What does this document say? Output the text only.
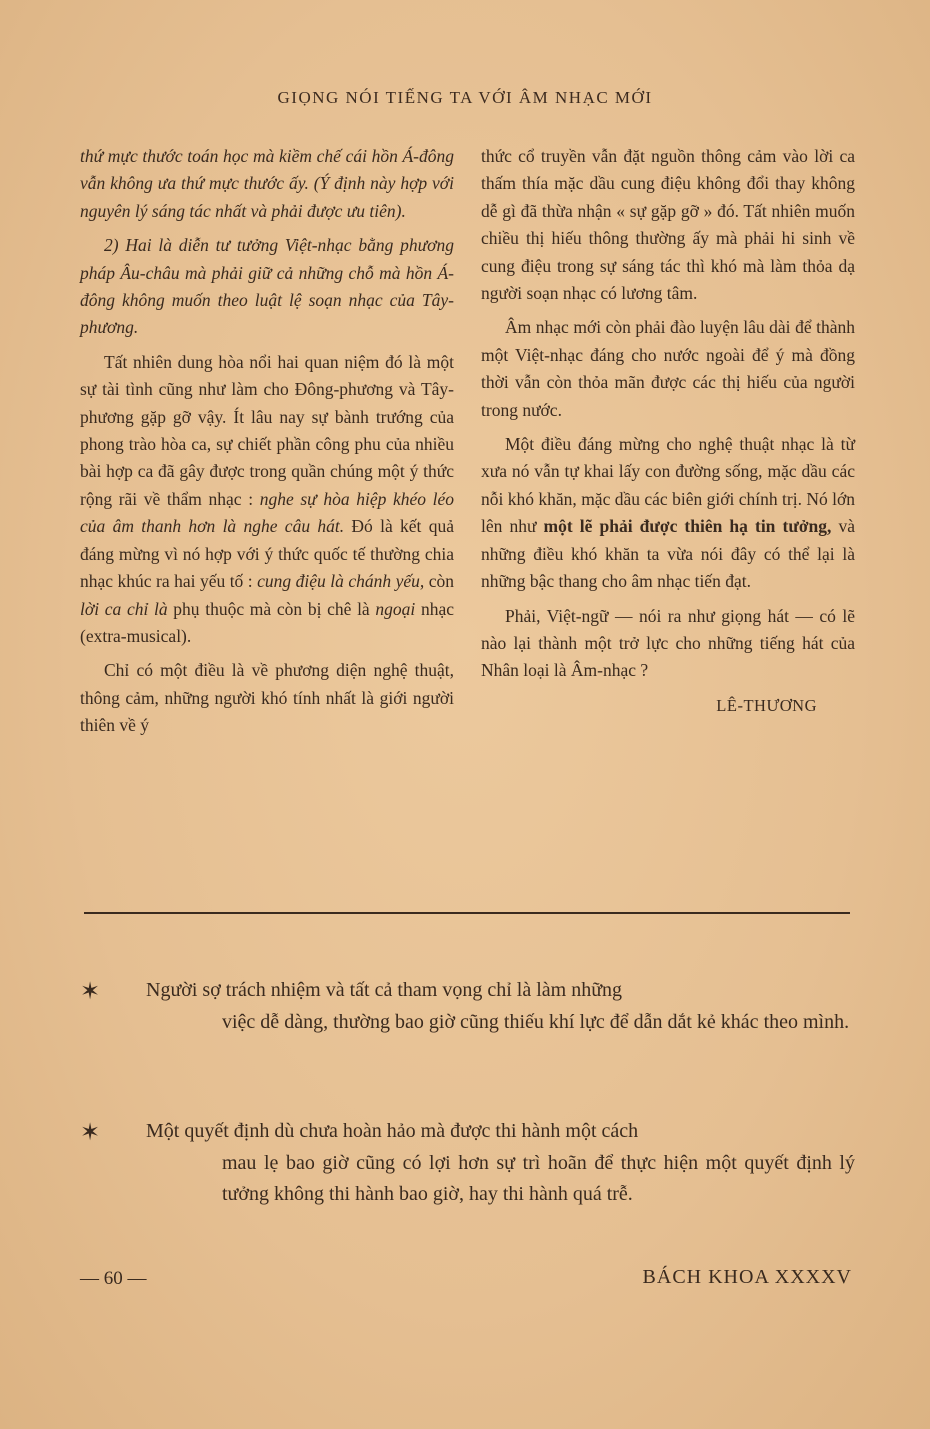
GIỌNG NÓI TIẾNG TA VỚI ÂM NHẠC MỚI

thứ mực thước toán học mà kiềm chế cái hồn Á-đông vẫn không ưa thứ mực thước ấy. (Ý định này hợp với nguyên lý sáng tác nhất và phải được ưu tiên).

2) Hai là diễn tư tưởng Việt-nhạc bằng phương pháp Âu-châu mà phải giữ cả những chỗ mà hồn Á-đông không muốn theo luật lệ soạn nhạc của Tây-phương.

Tất nhiên dung hòa nổi hai quan niệm đó là một sự tài tình cũng như làm cho Đông-phương và Tây-phương gặp gỡ vậy. Ít lâu nay sự bành trướng của phong trào hòa ca, sự chiết phần công phu của nhiều bài hợp ca đã gây được trong quần chúng một ý thức rộng rãi về thẩm nhạc : nghe sự hòa hiệp khéo léo của âm thanh hơn là nghe câu hát. Đó là kết quả đáng mừng vì nó hợp với ý thức quốc tế thường chia nhạc khúc ra hai yếu tố : cung điệu là chánh yếu, còn lời ca chỉ là phụ thuộc mà còn bị chê là ngoại nhạc (extra-musical).

Chỉ có một điều là về phương diện nghệ thuật, thông cảm, những người khó tính nhất là giới người thiên về ý

thức cổ truyền vẫn đặt nguồn thông cảm vào lời ca thấm thía mặc dầu cung điệu không đổi thay không dễ gì đã thừa nhận « sự gặp gỡ » đó. Tất nhiên muốn chiều thị hiếu thông thường ấy mà phải hi sinh về cung điệu trong sự sáng tác thì khó mà làm thỏa dạ người soạn nhạc có lương tâm.

Âm nhạc mới còn phải đào luyện lâu dài để thành một Việt-nhạc đáng cho nước ngoài để ý mà đồng thời vẫn còn thỏa mãn được các thị hiếu của người trong nước.

Một điều đáng mừng cho nghệ thuật nhạc là từ xưa nó vẫn tự khai lấy con đường sống, mặc dầu các nỗi khó khăn, mặc dầu các biên giới chính trị. Nó lớn lên như một lẽ phải được thiên hạ tin tưởng, và những điều khó khăn ta vừa nói đây có thể lại là những bậc thang cho âm nhạc tiến đạt.

Phải, Việt-ngữ — nói ra như giọng hát — có lẽ nào lại thành một trở lực cho những tiếng hát của Nhân loại là Âm-nhạc ?

LÊ-THƯƠNG
✶ Người sợ trách nhiệm và tất cả tham vọng chỉ là làm những
việc dễ dàng, thường bao giờ cũng thiếu khí lực để dẫn dắt kẻ khác theo mình.
✶ Một quyết định dù chưa hoàn hảo mà được thi hành một cách
mau lẹ bao giờ cũng có lợi hơn sự trì hoãn để thực hiện một quyết định lý tưởng không thi hành bao giờ, hay thi hành quá trễ.
— 60 —	BÁCH KHOA XXXXV
